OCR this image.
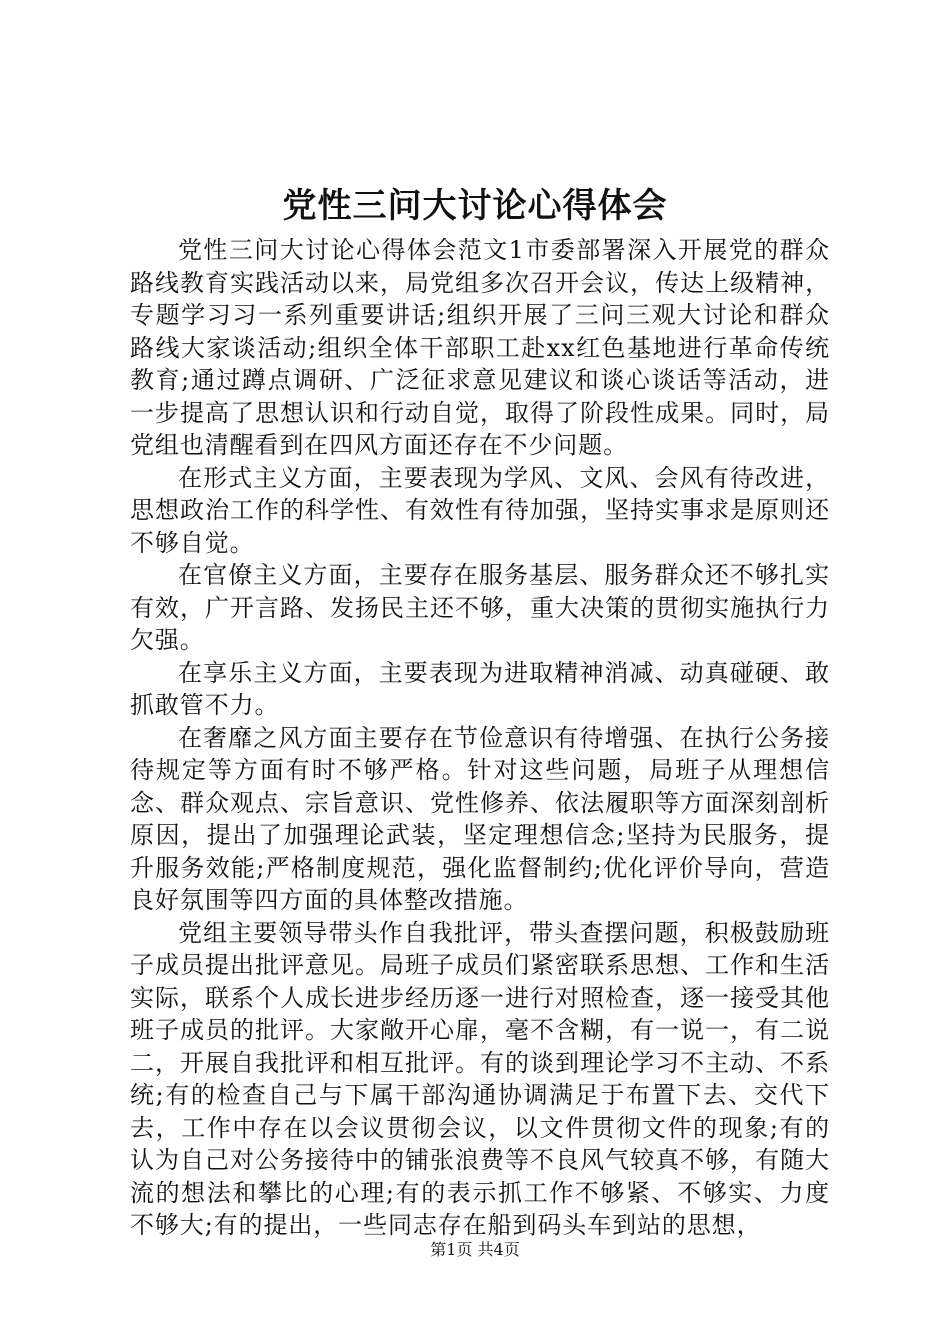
党性三问大讨论心得体会

党性三问大讨论心得体会范文1市委部署深入开展党的群众路线教育实践活动以来，局党组多次召开会议，传达上级精神，专题学习习一系列重要讲话;组织开展了三问三观大讨论和群众路线大家谈活动;组织全体干部职工赴xx红色基地进行革命传统教育;通过蹲点调研、广泛征求意见建议和谈心谈话等活动，进一步提高了思想认识和行动自觉，取得了阶段性成果。同时，局党组也清醒看到在四风方面还存在不少问题。

在形式主义方面，主要表现为学风、文风、会风有待改进，思想政治工作的科学性、有效性有待加强，坚持实事求是原则还不够自觉。

在官僚主义方面，主要存在服务基层、服务群众还不够扎实有效，广开言路、发扬民主还不够，重大决策的贯彻实施执行力欠强。

在享乐主义方面，主要表现为进取精神消减、动真碰硬、敢抓敢管不力。

在奢靡之风方面主要存在节俭意识有待增强、在执行公务接待规定等方面有时不够严格。针对这些问题，局班子从理想信念、群众观点、宗旨意识、党性修养、依法履职等方面深刻剖析原因，提出了加强理论武装，坚定理想信念;坚持为民服务，提升服务效能;严格制度规范，强化监督制约;优化评价导向，营造良好氛围等四方面的具体整改措施。

党组主要领导带头作自我批评，带头查摆问题，积极鼓励班子成员提出批评意见。局班子成员们紧密联系思想、工作和生活实际，联系个人成长进步经历逐一进行对照检查，逐一接受其他班子成员的批评。大家敞开心扉，毫不含糊，有一说一，有二说二，开展自我批评和相互批评。有的谈到理论学习不主动、不系统;有的检查自己与下属干部沟通协调满足于布置下去、交代下去，工作中存在以会议贯彻会议，以文件贯彻文件的现象;有的认为自己对公务接待中的铺张浪费等不良风气较真不够，有随大流的想法和攀比的心理;有的表示抓工作不够紧、不够实、力度不够大;有的提出，一些同志存在船到码头车到站的思想，

第1页 共4页
